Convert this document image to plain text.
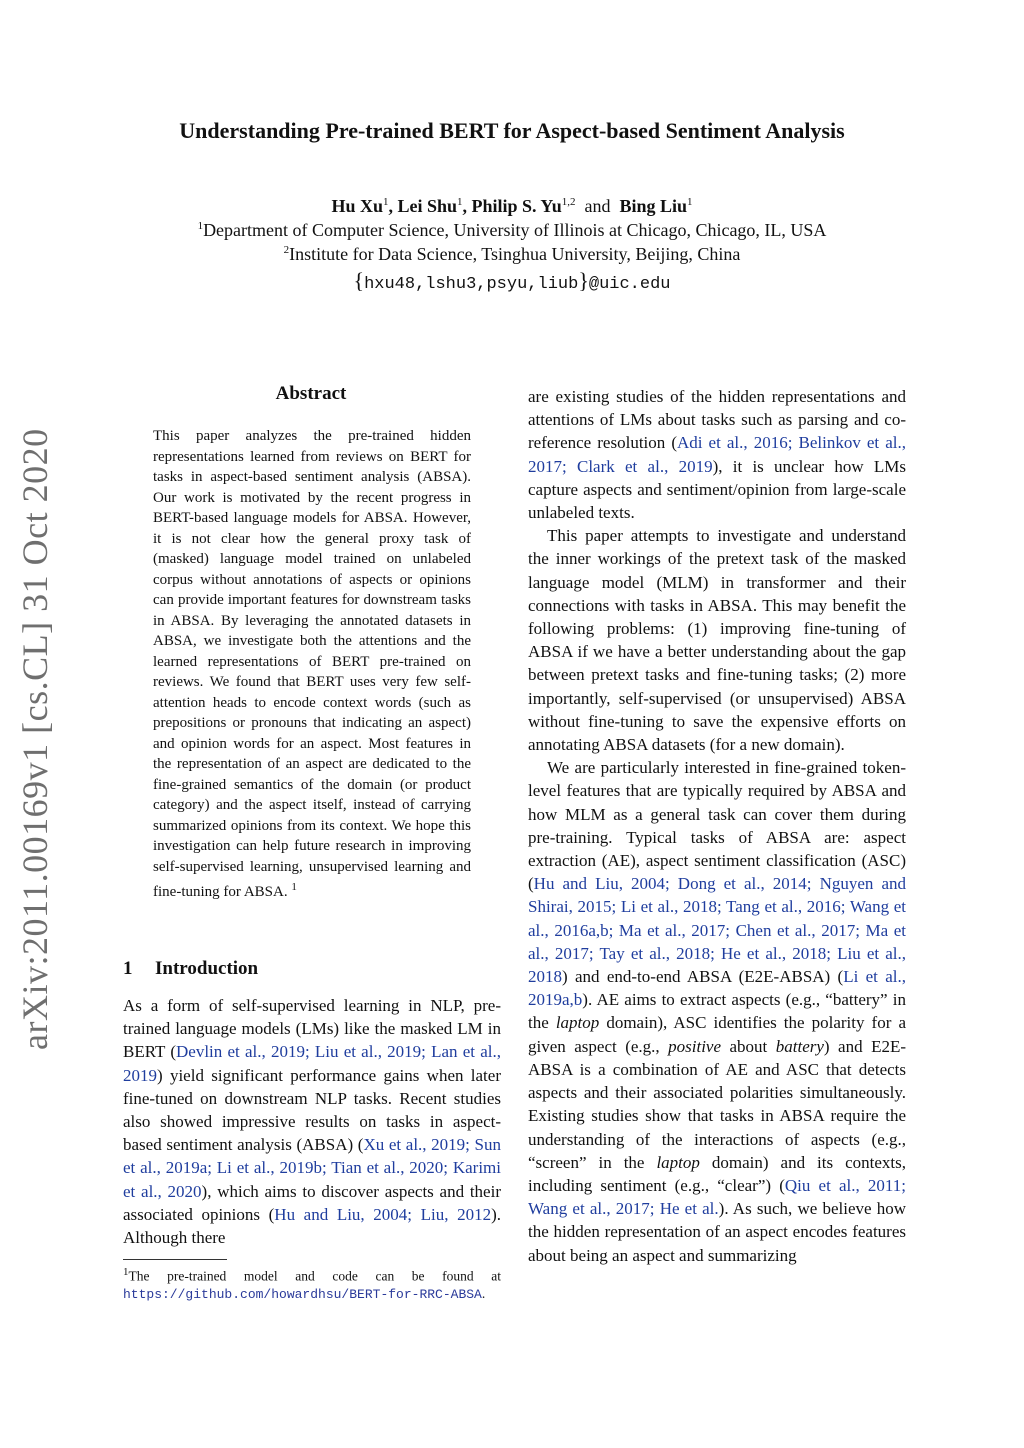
Understanding Pre-trained BERT for Aspect-based Sentiment Analysis
Hu Xu$^1$, Lei Shu$^1$, Philip S. Yu$^{1,2}$ and Bing Liu$^1$
$^1$Department of Computer Science, University of Illinois at Chicago, Chicago, IL, USA
$^2$Institute for Data Science, Tsinghua University, Beijing, China
{hxu48,lshu3,psyu,liub}@uic.edu
arXiv:2011.00169v1 [cs.CL] 31 Oct 2020
Abstract
This paper analyzes the pre-trained hidden representations learned from reviews on BERT for tasks in aspect-based sentiment analysis (ABSA). Our work is motivated by the recent progress in BERT-based language models for ABSA. However, it is not clear how the general proxy task of (masked) language model trained on unlabeled corpus without annotations of aspects or opinions can provide important features for downstream tasks in ABSA. By leveraging the annotated datasets in ABSA, we investigate both the attentions and the learned representations of BERT pre-trained on reviews. We found that BERT uses very few self-attention heads to encode context words (such as prepositions or pronouns that indicating an aspect) and opinion words for an aspect. Most features in the representation of an aspect are dedicated to the fine-grained semantics of the domain (or product category) and the aspect itself, instead of carrying summarized opinions from its context. We hope this investigation can help future research in improving self-supervised learning, unsupervised learning and fine-tuning for ABSA. $^1$
1 Introduction

As a form of self-supervised learning in NLP, pre-trained language models (LMs) like the masked LM in BERT (Devlin et al., 2019; Liu et al., 2019; Lan et al., 2019) yield significant performance gains when later fine-tuned on downstream NLP tasks. Recent studies also showed impressive results on tasks in aspect-based sentiment analysis (ABSA) (Xu et al., 2019; Sun et al., 2019a; Li et al., 2019b; Tian et al., 2020; Karimi et al., 2020), which aims to discover aspects and their associated opinions (Hu and Liu, 2004; Liu, 2012). Although there

$^1$The pre-trained model and code can be found at https://github.com/howardhsu/BERT-for-RRC-ABSA.

are existing studies of the hidden representations and attentions of LMs about tasks such as parsing and co-reference resolution (Adi et al., 2016; Belinkov et al., 2017; Clark et al., 2019), it is unclear how LMs capture aspects and sentiment/opinion from large-scale unlabeled texts.

This paper attempts to investigate and understand the inner workings of the pretext task of the masked language model (MLM) in transformer and their connections with tasks in ABSA. This may benefit the following problems: (1) improving fine-tuning of ABSA if we have a better understanding about the gap between pretext tasks and fine-tuning tasks; (2) more importantly, self-supervised (or unsupervised) ABSA without fine-tuning to save the expensive efforts on annotating ABSA datasets (for a new domain).

We are particularly interested in fine-grained token-level features that are typically required by ABSA and how MLM as a general task can cover them during pre-training. Typical tasks of ABSA are: aspect extraction (AE), aspect sentiment classification (ASC) (Hu and Liu, 2004; Dong et al., 2014; Nguyen and Shirai, 2015; Li et al., 2018; Tang et al., 2016; Wang et al., 2016a,b; Ma et al., 2017; Chen et al., 2017; Ma et al., 2017; Tay et al., 2018; He et al., 2018; Liu et al., 2018) and end-to-end ABSA (E2E-ABSA) (Li et al., 2019a,b). AE aims to extract aspects (e.g., “battery” in the laptop domain), ASC identifies the polarity for a given aspect (e.g., positive about battery) and E2E-ABSA is a combination of AE and ASC that detects aspects and their associated polarities simultaneously. Existing studies show that tasks in ABSA require the understanding of the interactions of aspects (e.g., “screen” in the laptop domain) and its contexts, including sentiment (e.g., “clear”) (Qiu et al., 2011; Wang et al., 2017; He et al.). As such, we believe how the hidden representation of an aspect encodes features about being an aspect and summarizing
